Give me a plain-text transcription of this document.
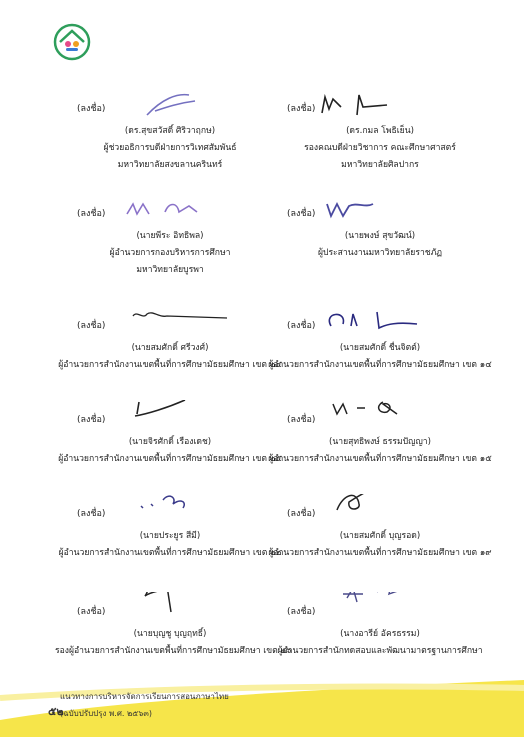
(ลงชื่อ)
(ดร.สุขสวัสดิ์ ศิริวาฤกษ)
ผู้ช่วยอธิการบดีฝ่ายการวิเทศสัมพันธ์
มหาวิทยาลัยสงขลานครินทร์
(ลงชื่อ)
(ดร.กมล โพธิเย็น)
รองคณบดีฝ่ายวิชาการ คณะศึกษาศาสตร์
มหาวิทยาลัยศิลปากร
(ลงชื่อ)
(นายพีระ อิทธิพล)
ผู้อำนวยการกองบริหารการศึกษา
มหาวิทยาลัยบูรพา
(ลงชื่อ)
(นายพงษ์ สุขวัฒน์)
ผู้ประสานงานมหาวิทยาลัยราชภัฏ
(ลงชื่อ)
(นายสมศักดิ์ ศรีวงศ์)
ผู้อำนวยการสำนักงานเขตพื้นที่การศึกษามัธยมศึกษา เขต ๒๔
(ลงชื่อ)
(นายสมศักดิ์ ชื่นจิตต์)
ผู้อำนวยการสำนักงานเขตพื้นที่การศึกษามัธยมศึกษา เขต ๑๔
(ลงชื่อ)
(นายจิรศักดิ์ เรืองเดช)
ผู้อำนวยการสำนักงานเขตพื้นที่การศึกษามัธยมศึกษา เขต ๒๕
(ลงชื่อ)
(นายสุทธิพงษ์ ธรรมปัญญา)
ผู้อำนวยการสำนักงานเขตพื้นที่การศึกษามัธยมศึกษา เขต ๑๕
(ลงชื่อ)
(นายประยูร สีมี)
ผู้อำนวยการสำนักงานเขตพื้นที่การศึกษามัธยมศึกษา เขต ๒๒
(ลงชื่อ)
(นายสมศักดิ์ บุญรอด)
ผู้อำนวยการสำนักงานเขตพื้นที่การศึกษามัธยมศึกษา เขต ๑๙
(ลงชื่อ)
(นายบุญชู บุญฤทธิ์)
รองผู้อำนวยการสำนักงานเขตพื้นที่การศึกษามัธยมศึกษา เขต ๒๖
(ลงชื่อ)
(นางอารีย์ อัครธรรม)
ผู้อำนวยการสำนักทดสอบและพัฒนามาตรฐานการศึกษา
๕๒
แนวทางการบริหารจัดการเรียนการสอนภาษาไทย
(ฉบับปรับปรุง พ.ศ. ๒๕๖๓)
